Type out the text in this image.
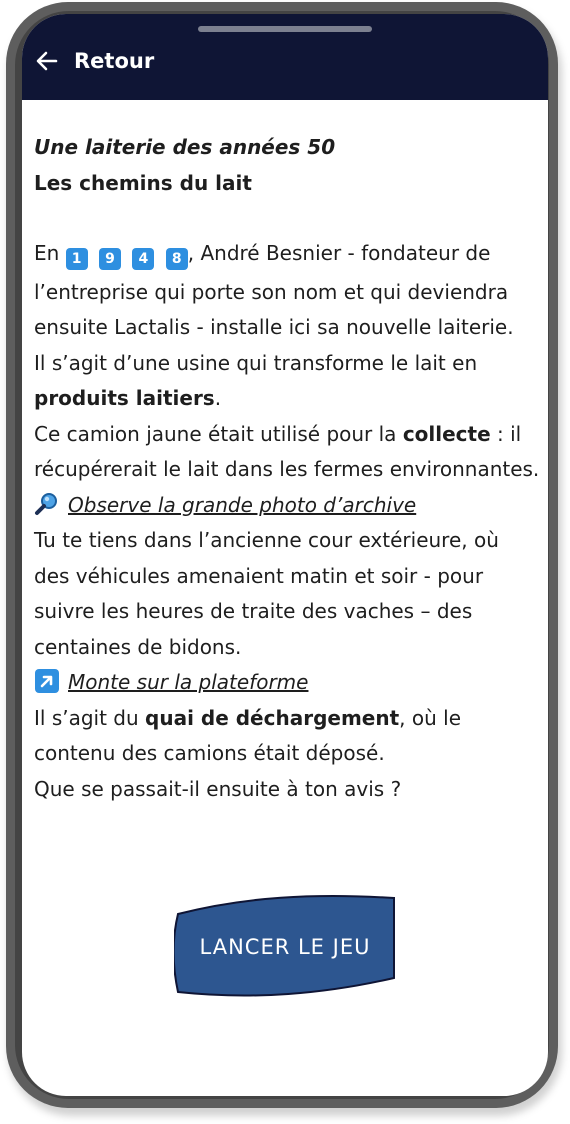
Retour
Une laiterie des années 50
Les chemins du lait
En 1 9 4 8 , André Besnier - fondateur de l’entreprise qui porte son nom et qui deviendra ensuite Lactalis - installe ici sa nouvelle laiterie.
Il s’agit d’une usine qui transforme le lait en produits laitiers.
Ce camion jaune était utilisé pour la collecte : il récupérerait le lait dans les fermes environnantes.
Observe la grande photo d’archive
Tu te tiens dans l’ancienne cour extérieure, où des véhicules amenaient matin et soir - pour suivre les heures de traite des vaches – des centaines de bidons.
Monte sur la plateforme
Il s’agit du quai de déchargement, où le contenu des camions était déposé.
Que se passait-il ensuite à ton avis ?
LANCER LE JEU
